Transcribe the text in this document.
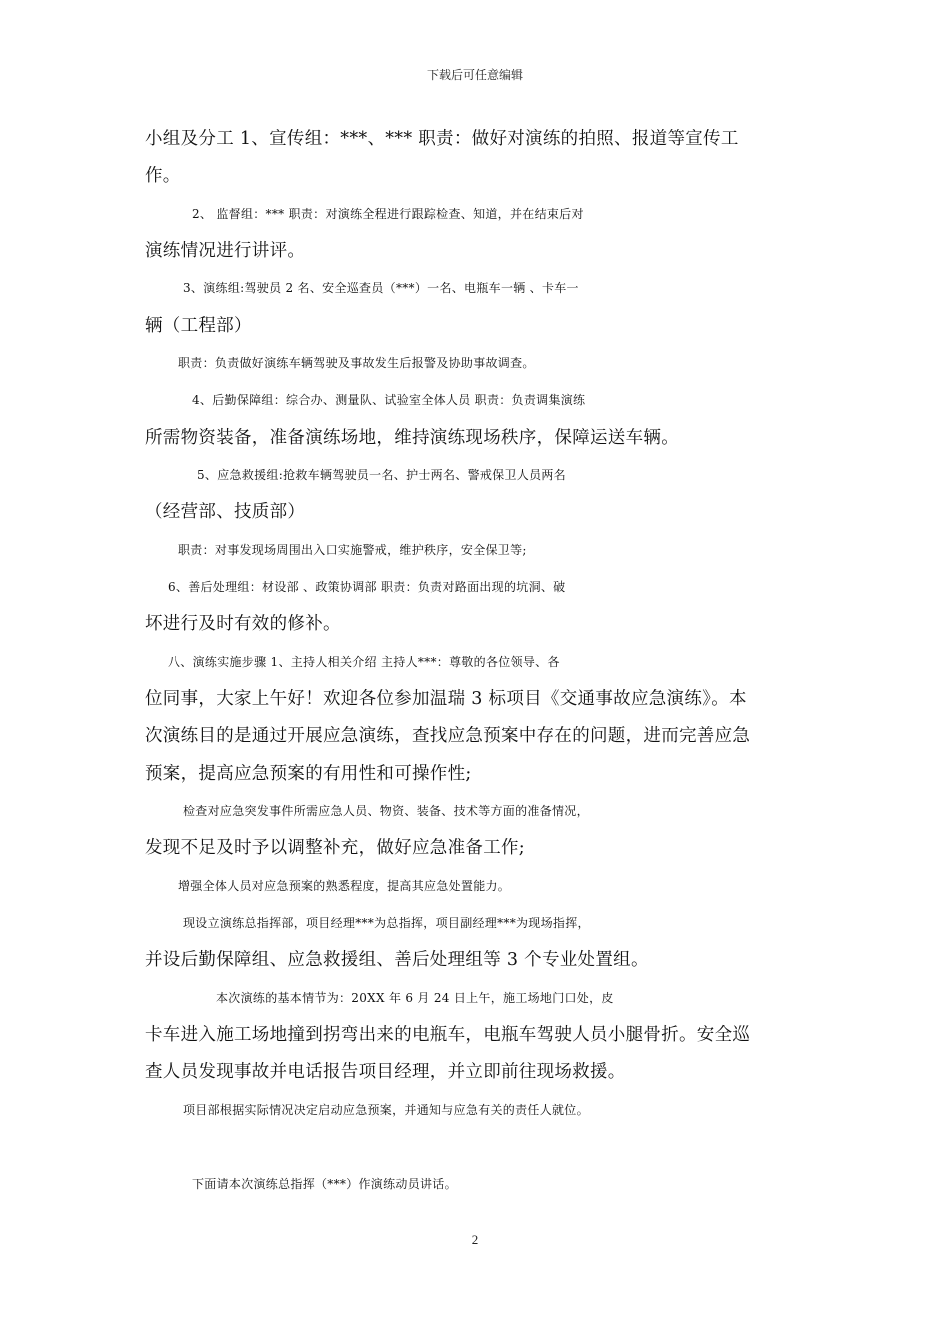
下载后可任意编辑
小组及分工 1、宣传组：***、*** 职责：做好对演练的拍照、报道等宣传工
作。
2、 监督组：*** 职责：对演练全程进行跟踪检查、知道，并在结束后对
演练情况进行讲评。
3、演练组:驾驶员 2 名、安全巡查员（***）一名、电瓶车一辆 、卡车一
辆（工程部）
职责：负责做好演练车辆驾驶及事故发生后报警及协助事故调查。
4、后勤保障组：综合办、测量队、试验室全体人员 职责：负责调集演练
所需物资装备，准备演练场地，维持演练现场秩序，保障运送车辆。
5、应急救援组:抢救车辆驾驶员一名、护士两名、警戒保卫人员两名
（经营部、技质部）
职责：对事发现场周围出入口实施警戒，维护秩序，安全保卫等;
6、善后处理组：材设部 、政策协调部 职责：负责对路面出现的坑洞、破
坏进行及时有效的修补。
八、演练实施步骤 1、主持人相关介绍 主持人***：尊敬的各位领导、各
位同事，大家上午好！欢迎各位参加温瑞 3 标项目《交通事故应急演练》。本
次演练目的是通过开展应急演练，查找应急预案中存在的问题，进而完善应急
预案，提高应急预案的有用性和可操作性;
检查对应急突发事件所需应急人员、物资、装备、技术等方面的准备情况，
发现不足及时予以调整补充，做好应急准备工作;
增强全体人员对应急预案的熟悉程度，提高其应急处置能力。
现设立演练总指挥部，项目经理***为总指挥，项目副经理***为现场指挥，
并设后勤保障组、应急救援组、善后处理组等 3 个专业处置组。
本次演练的基本情节为：20XX 年 6 月 24 日上午，施工场地门口处，皮
卡车进入施工场地撞到拐弯出来的电瓶车，电瓶车驾驶人员小腿骨折。安全巡
查人员发现事故并电话报告项目经理，并立即前往现场救援。
项目部根据实际情况决定启动应急预案，并通知与应急有关的责任人就位。
下面请本次演练总指挥（***）作演练动员讲话。
2
